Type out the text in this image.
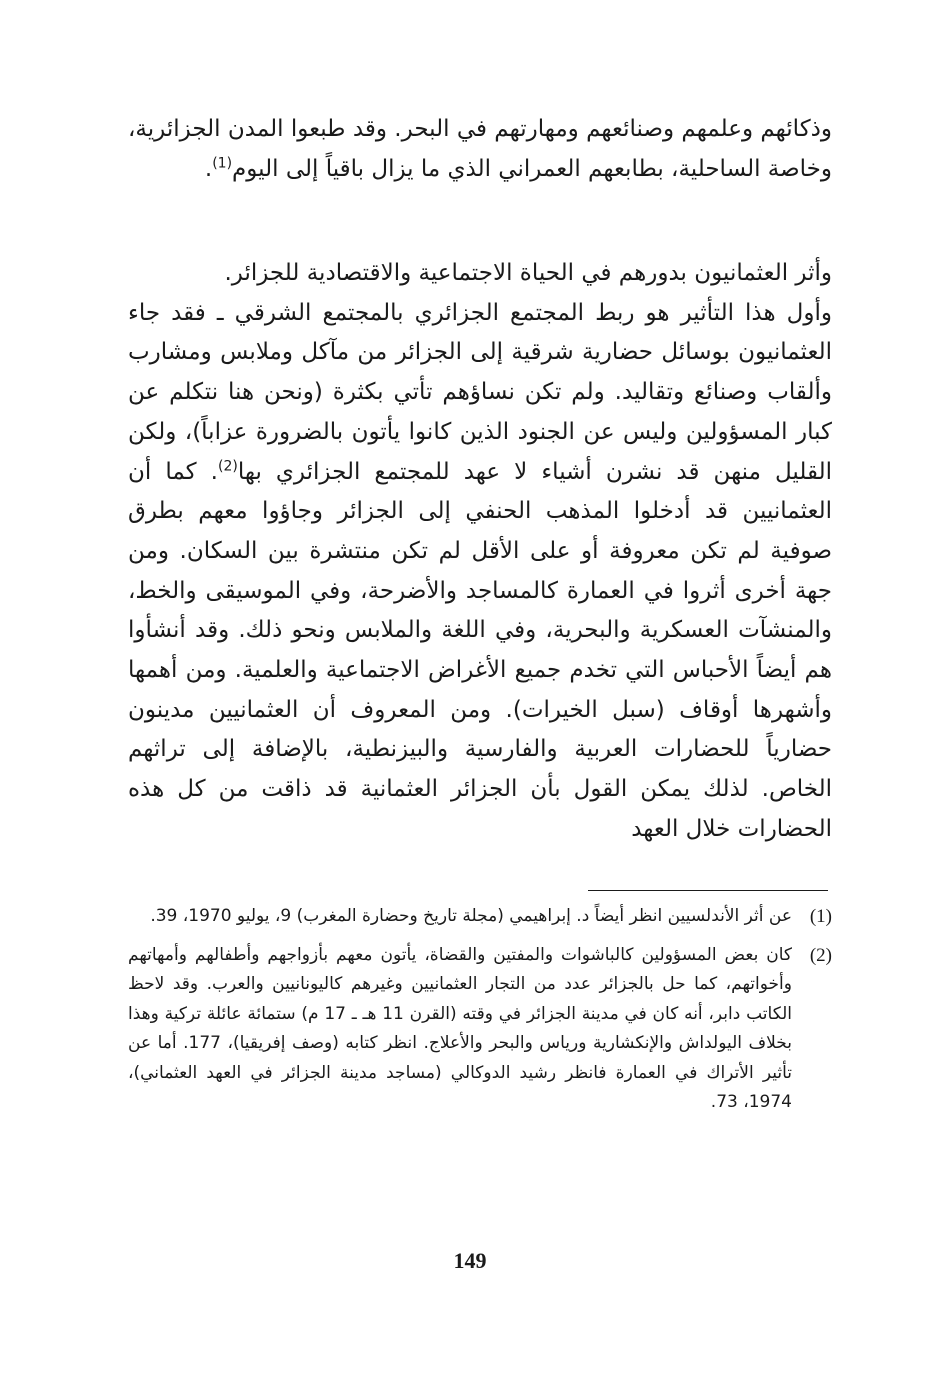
وذكائهم وعلمهم وصنائعهم ومهارتهم في البحر. وقد طبعوا المدن الجزائرية، وخاصة الساحلية، بطابعهم العمراني الذي ما يزال باقياً إلى اليوم$^{(1)}$.

وأثر العثمانيون بدورهم في الحياة الاجتماعية والاقتصادية للجزائر.

وأول هذا التأثير هو ربط المجتمع الجزائري بالمجتمع الشرقي ـ فقد جاء العثمانيون بوسائل حضارية شرقية إلى الجزائر من مآكل وملابس ومشارب وألقاب وصنائع وتقاليد. ولم تكن نساؤهم تأتي بكثرة (ونحن هنا نتكلم عن كبار المسؤولين وليس عن الجنود الذين كانوا يأتون بالضرورة عزاباً)، ولكن القليل منهن قد نشرن أشياء لا عهد للمجتمع الجزائري بها$^{(2)}$. كما أن العثمانيين قد أدخلوا المذهب الحنفي إلى الجزائر وجاؤوا معهم بطرق صوفية لم تكن معروفة أو على الأقل لم تكن منتشرة بين السكان. ومن جهة أخرى أثروا في العمارة كالمساجد والأضرحة، وفي الموسيقى والخط، والمنشآت العسكرية والبحرية، وفي اللغة والملابس ونحو ذلك. وقد أنشأوا هم أيضاً الأحباس التي تخدم جميع الأغراض الاجتماعية والعلمية. ومن أهمها وأشهرها أوقاف (سبل الخيرات). ومن المعروف أن العثمانيين مدينون حضارياً للحضارات العربية والفارسية والبيزنطية، بالإضافة إلى تراثهم الخاص. لذلك يمكن القول بأن الجزائر العثمانية قد ذاقت من كل هذه الحضارات خلال العهد

(1)
عن أثر الأندلسيين انظر أيضاً د. إبراهيمي (مجلة تاريخ وحضارة المغرب) 9، يوليو 1970، 39.
(2)
كان بعض المسؤولين كالباشوات والمفتين والقضاة، يأتون معهم بأزواجهم وأطفالهم وأمهاتهم وأخواتهم، كما حل بالجزائر عدد من التجار العثمانيين وغيرهم كاليونانيين والعرب. وقد لاحظ الكاتب دابر، أنه كان في مدينة الجزائر في وقته (القرن 11 هـ ـ 17 م) ستمائة عائلة تركية وهذا بخلاف اليولداش والإنكشارية ورياس والبحر والأعلاج. انظر كتابه (وصف إفريقيا)، 177. أما عن تأثير الأتراك في العمارة فانظر رشيد الدوكالي (مساجد مدينة الجزائر في العهد العثماني)، 1974، 73.
149
